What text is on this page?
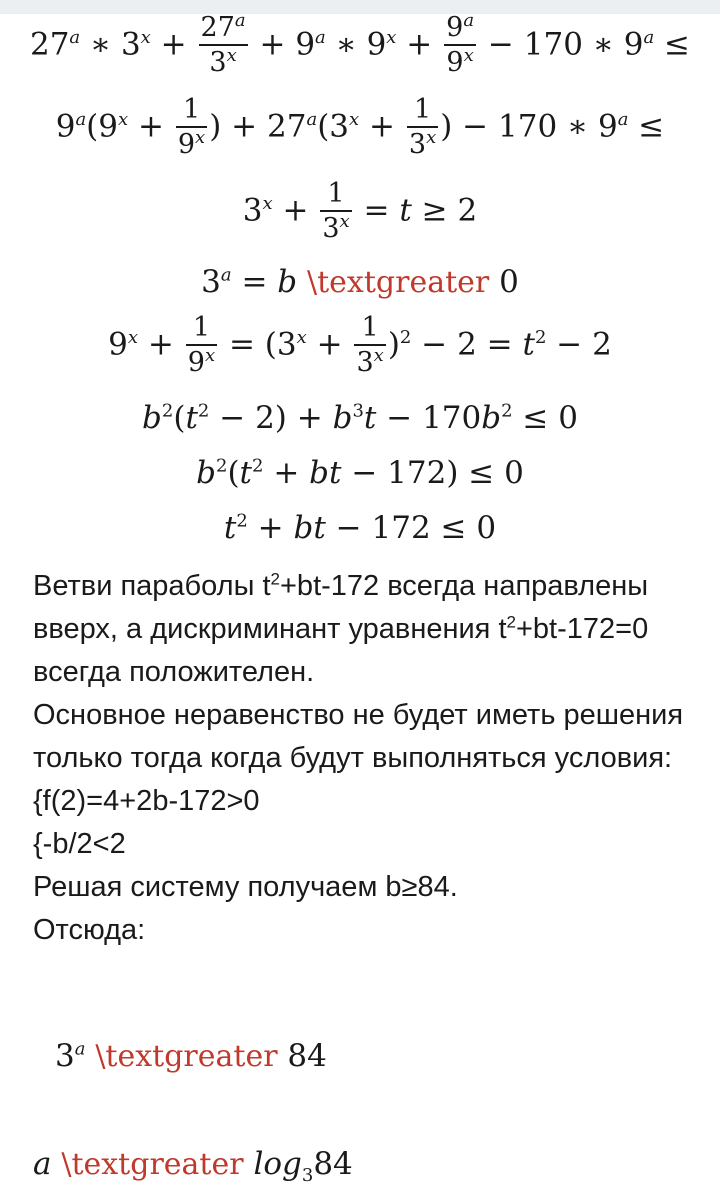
27$^a$ ∗ $3^x + \frac{27^a}{3^x} + 9^a$ ∗ $9^x + \frac{9^a}{9^x} - 170$ ∗ $9^a$ ≤
$9^a(9^x + \frac{1}{9^x}$ ) + $27^a(3^x + \frac{1}{3^x}$ ) − 170 ∗ $9^a$ ≤
$3^x + \frac{1}{3^x} = t \ge 2$
$3^a = b$ \textgreater 0
$9^x + \frac{1}{9^x} = (3^x + \frac{1}{3^x} )^2 - 2 = t^2 - 2$
$b^2(t^2 - 2) + b^3t - 170b^2 \le 0$
$b^2(t^2$ + bt − 172) ≤ 0
$t^2$ + bt − 172 ≤ 0

Ветви параболы $t^2+bt-172$ всегда направлены вверх, а дискриминант уравнения $t^2+bt-172=0$ всегда положителен.

Основное неравенство не будет иметь решения только тогда когда будут выполняться условия:

{f(2)=4+2b-172>0

{-b/2<2

Решая систему получаем b≥84.

Отсюда:

3$^a$ \textgreater 84
a \textgreater $\log_384$
